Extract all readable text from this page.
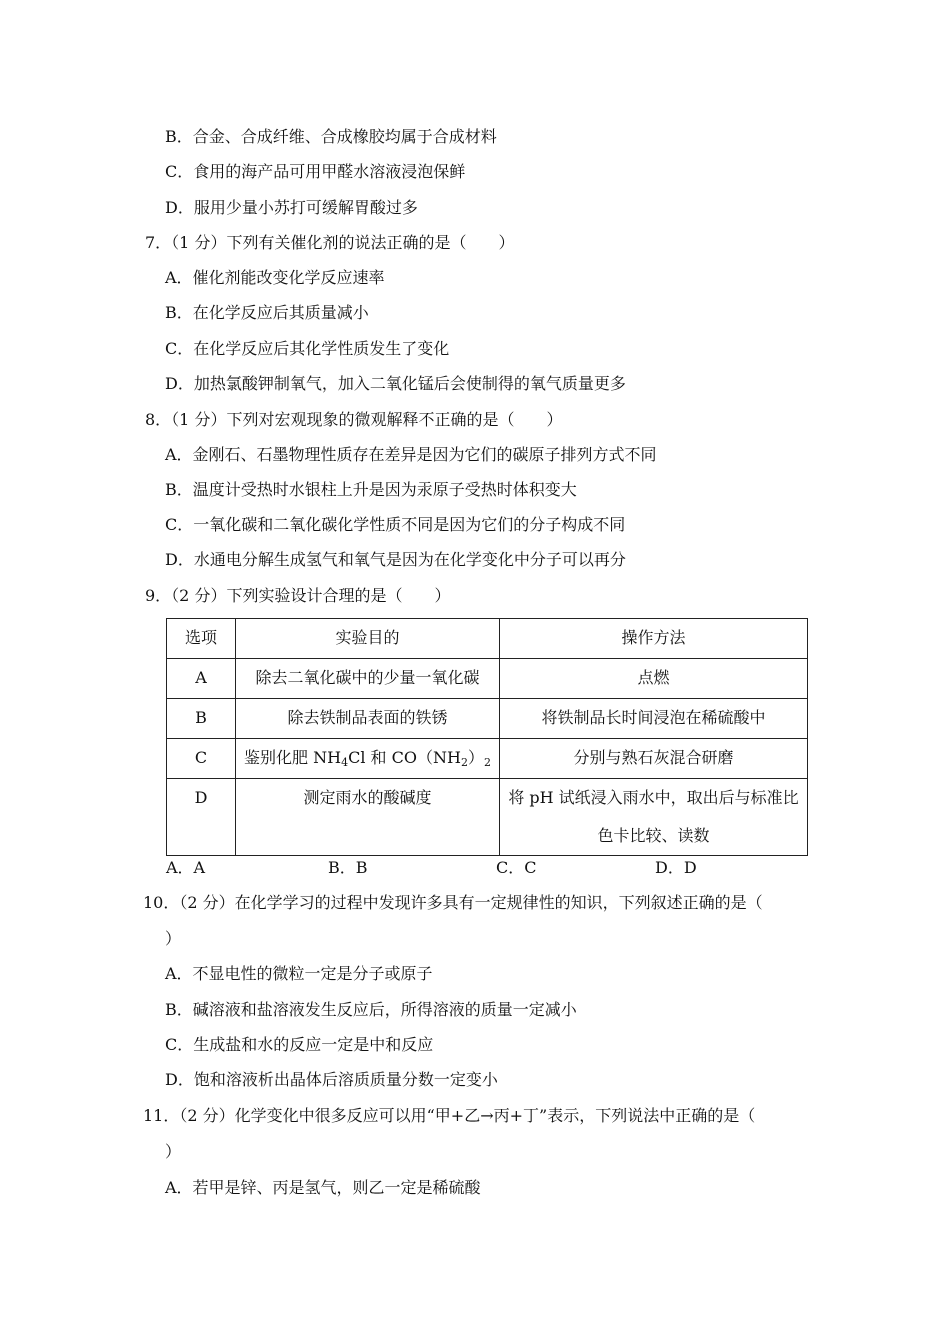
B．合金、合成纤维、合成橡胶均属于合成材料
C．食用的海产品可用甲醛水溶液浸泡保鲜
D．服用少量小苏打可缓解胃酸过多
7．（1 分）下列有关催化剂的说法正确的是（　　）
A．催化剂能改变化学反应速率
B．在化学反应后其质量减小
C．在化学反应后其化学性质发生了变化
D．加热氯酸钾制氧气，加入二氧化锰后会使制得的氧气质量更多
8．（1 分）下列对宏观现象的微观解释不正确的是（　　）
A．金刚石、石墨物理性质存在差异是因为它们的碳原子排列方式不同
B．温度计受热时水银柱上升是因为汞原子受热时体积变大
C．一氧化碳和二氧化碳化学性质不同是因为它们的分子构成不同
D．水通电分解生成氢气和氧气是因为在化学变化中分子可以再分
9．（2 分）下列实验设计合理的是（　　）
选项	实验目的	操作方法
A	除去二氧化碳中的少量一氧化碳	点燃
B	除去铁制品表面的铁锈	将铁制品长时间浸泡在稀硫酸中
C	鉴别化肥 $NH_4Cl$ 和 $CO(NH_2)_2$	分别与熟石灰混合研磨
D	测定雨水的酸碱度	将 pH 试纸浸入雨水中，取出后与标准比色卡比较、读数
A．A	B．B	C．C	D．D
10．（2 分）在化学学习的过程中发现许多具有一定规律性的知识，下列叙述正确的是（
）
A．不显电性的微粒一定是分子或原子
B．碱溶液和盐溶液发生反应后，所得溶液的质量一定减小
C．生成盐和水的反应一定是中和反应
D．饱和溶液析出晶体后溶质质量分数一定变小
11．（2 分）化学变化中很多反应可以用“甲+乙→丙+丁”表示，下列说法中正确的是（
）
A．若甲是锌、丙是氢气，则乙一定是稀硫酸
